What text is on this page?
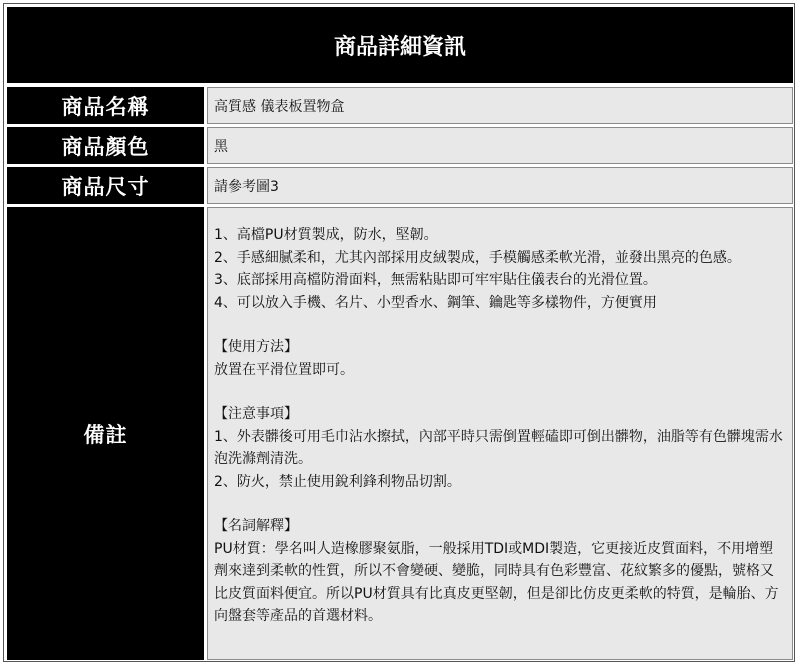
商品詳細資訊
商品名稱	高質感 儀表板置物盒
商品顏色	黑
商品尺寸	請參考圖3
備註

1、高檔PU材質製成，防水，堅韌。

2、手感細膩柔和，尤其內部採用皮絨製成，手模觸感柔軟光滑，並發出黑亮的色感。

3、底部採用高檔防滑面料，無需粘貼即可牢牢貼住儀表台的光滑位置。

4、可以放入手機、名片、小型香水、鋼筆、鑰匙等多樣物件，方便實用

【使用方法】

放置在平滑位置即可。

【注意事項】

1、外表髒後可用毛巾沾水擦拭，內部平時只需倒置輕磕即可倒出髒物，油脂等有色髒塊需水泡洗滌劑清洗。

2、防火，禁止使用銳利鋒利物品切割。

【名詞解釋】

PU材質：學名叫人造橡膠聚氨脂，一般採用TDI或MDI製造，它更接近皮質面料，不用增塑劑來達到柔軟的性質，所以不會變硬、變脆，同時具有色彩豐富、花紋繁多的優點，號格又比皮質面料便宜。所以PU材質具有比真皮更堅韌，但是卻比仿皮更柔軟的特質，是輪胎、方向盤套等產品的首選材料。
